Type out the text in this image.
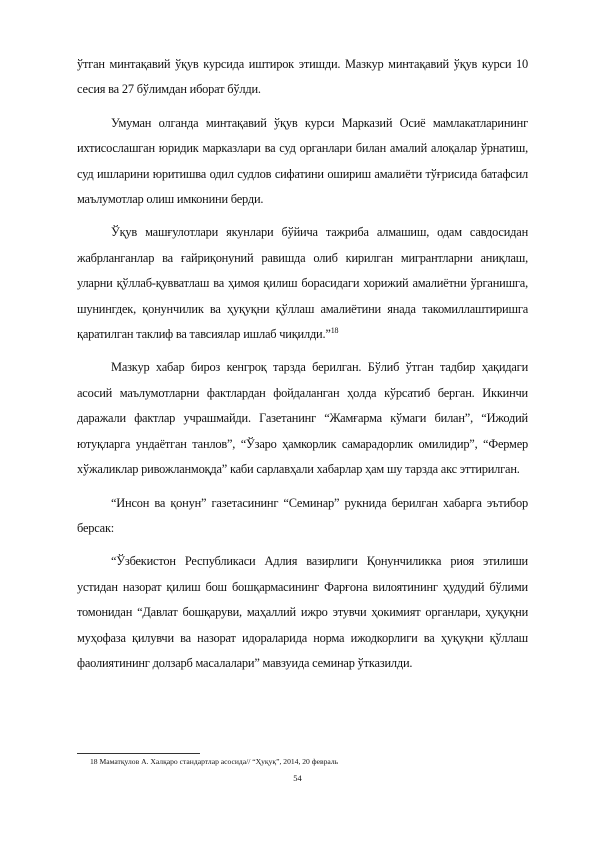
ўтган минтақавий ўқув курсида иштирок этишди. Мазкур минтақавий ўқув курси 10 сесия ва 27 бўлимдан иборат бўлди.

Умуман олганда минтақавий ўқув курси Марказий Осиё мамлакатларининг ихтисослашган юридик марказлари ва суд органлари билан амалий алоқалар ўрнатиш, суд ишларини юритишва одил судлов сифатини ошириш амалиёти тўғрисида батафсил маълумотлар олиш имконини берди.

Ўқув машғулотлари якунлари бўйича тажриба алмашиш, одам савдосидан жабрланганлар ва ғайриқонуний равишда олиб кирилган мигрантларни аниқлаш, уларни қўллаб-қувватлаш ва ҳимоя қилиш борасидаги хорижий амалиётни ўрганишга, шунингдек, қонунчилик ва ҳуқуқни қўллаш амалиётини янада такомиллаштиришга қаратилган таклиф ва тавсиялар ишлаб чиқилди.”$^{18}$

Мазкур хабар бироз кенгроқ тарзда берилган. Бўлиб ўтган тадбир ҳақидаги асосий маълумотларни фактлардан фойдаланган ҳолда кўрсатиб берган. Иккинчи даражали фактлар учрашмайди. Газетанинг “Жамғарма кўмаги билан”, “Ижодий ютуқларга ундаётган танлов”, “Ўзаро ҳамкорлик самарадорлик омилидир”, “Фермер хўжаликлар ривожланмоқда” каби сарлавҳали хабарлар ҳам шу тарзда акс эттирилган.

“Инсон ва қонун” газетасининг “Семинар” рукнида берилган хабарга эътибор берсак:

“Ўзбекистон Республикаси Адлия вазирлиги Қонунчиликка риоя этилиши устидан назорат қилиш бош бошқармасининг Фарғона вилоятининг ҳудудий бўлими томонидан “Давлат бошқаруви, маҳаллий ижро этувчи ҳокимият органлари, ҳуқуқни муҳофаза қилувчи ва назорат идораларида норма ижодкорлиги ва ҳуқуқни қўллаш фаолиятининг долзарб масалалари” мавзуида семинар ўтказилди.

18 Маматқулов А. Халқаро стандартлар асосида// “Ҳуқуқ”, 2014, 20 февраль
54
